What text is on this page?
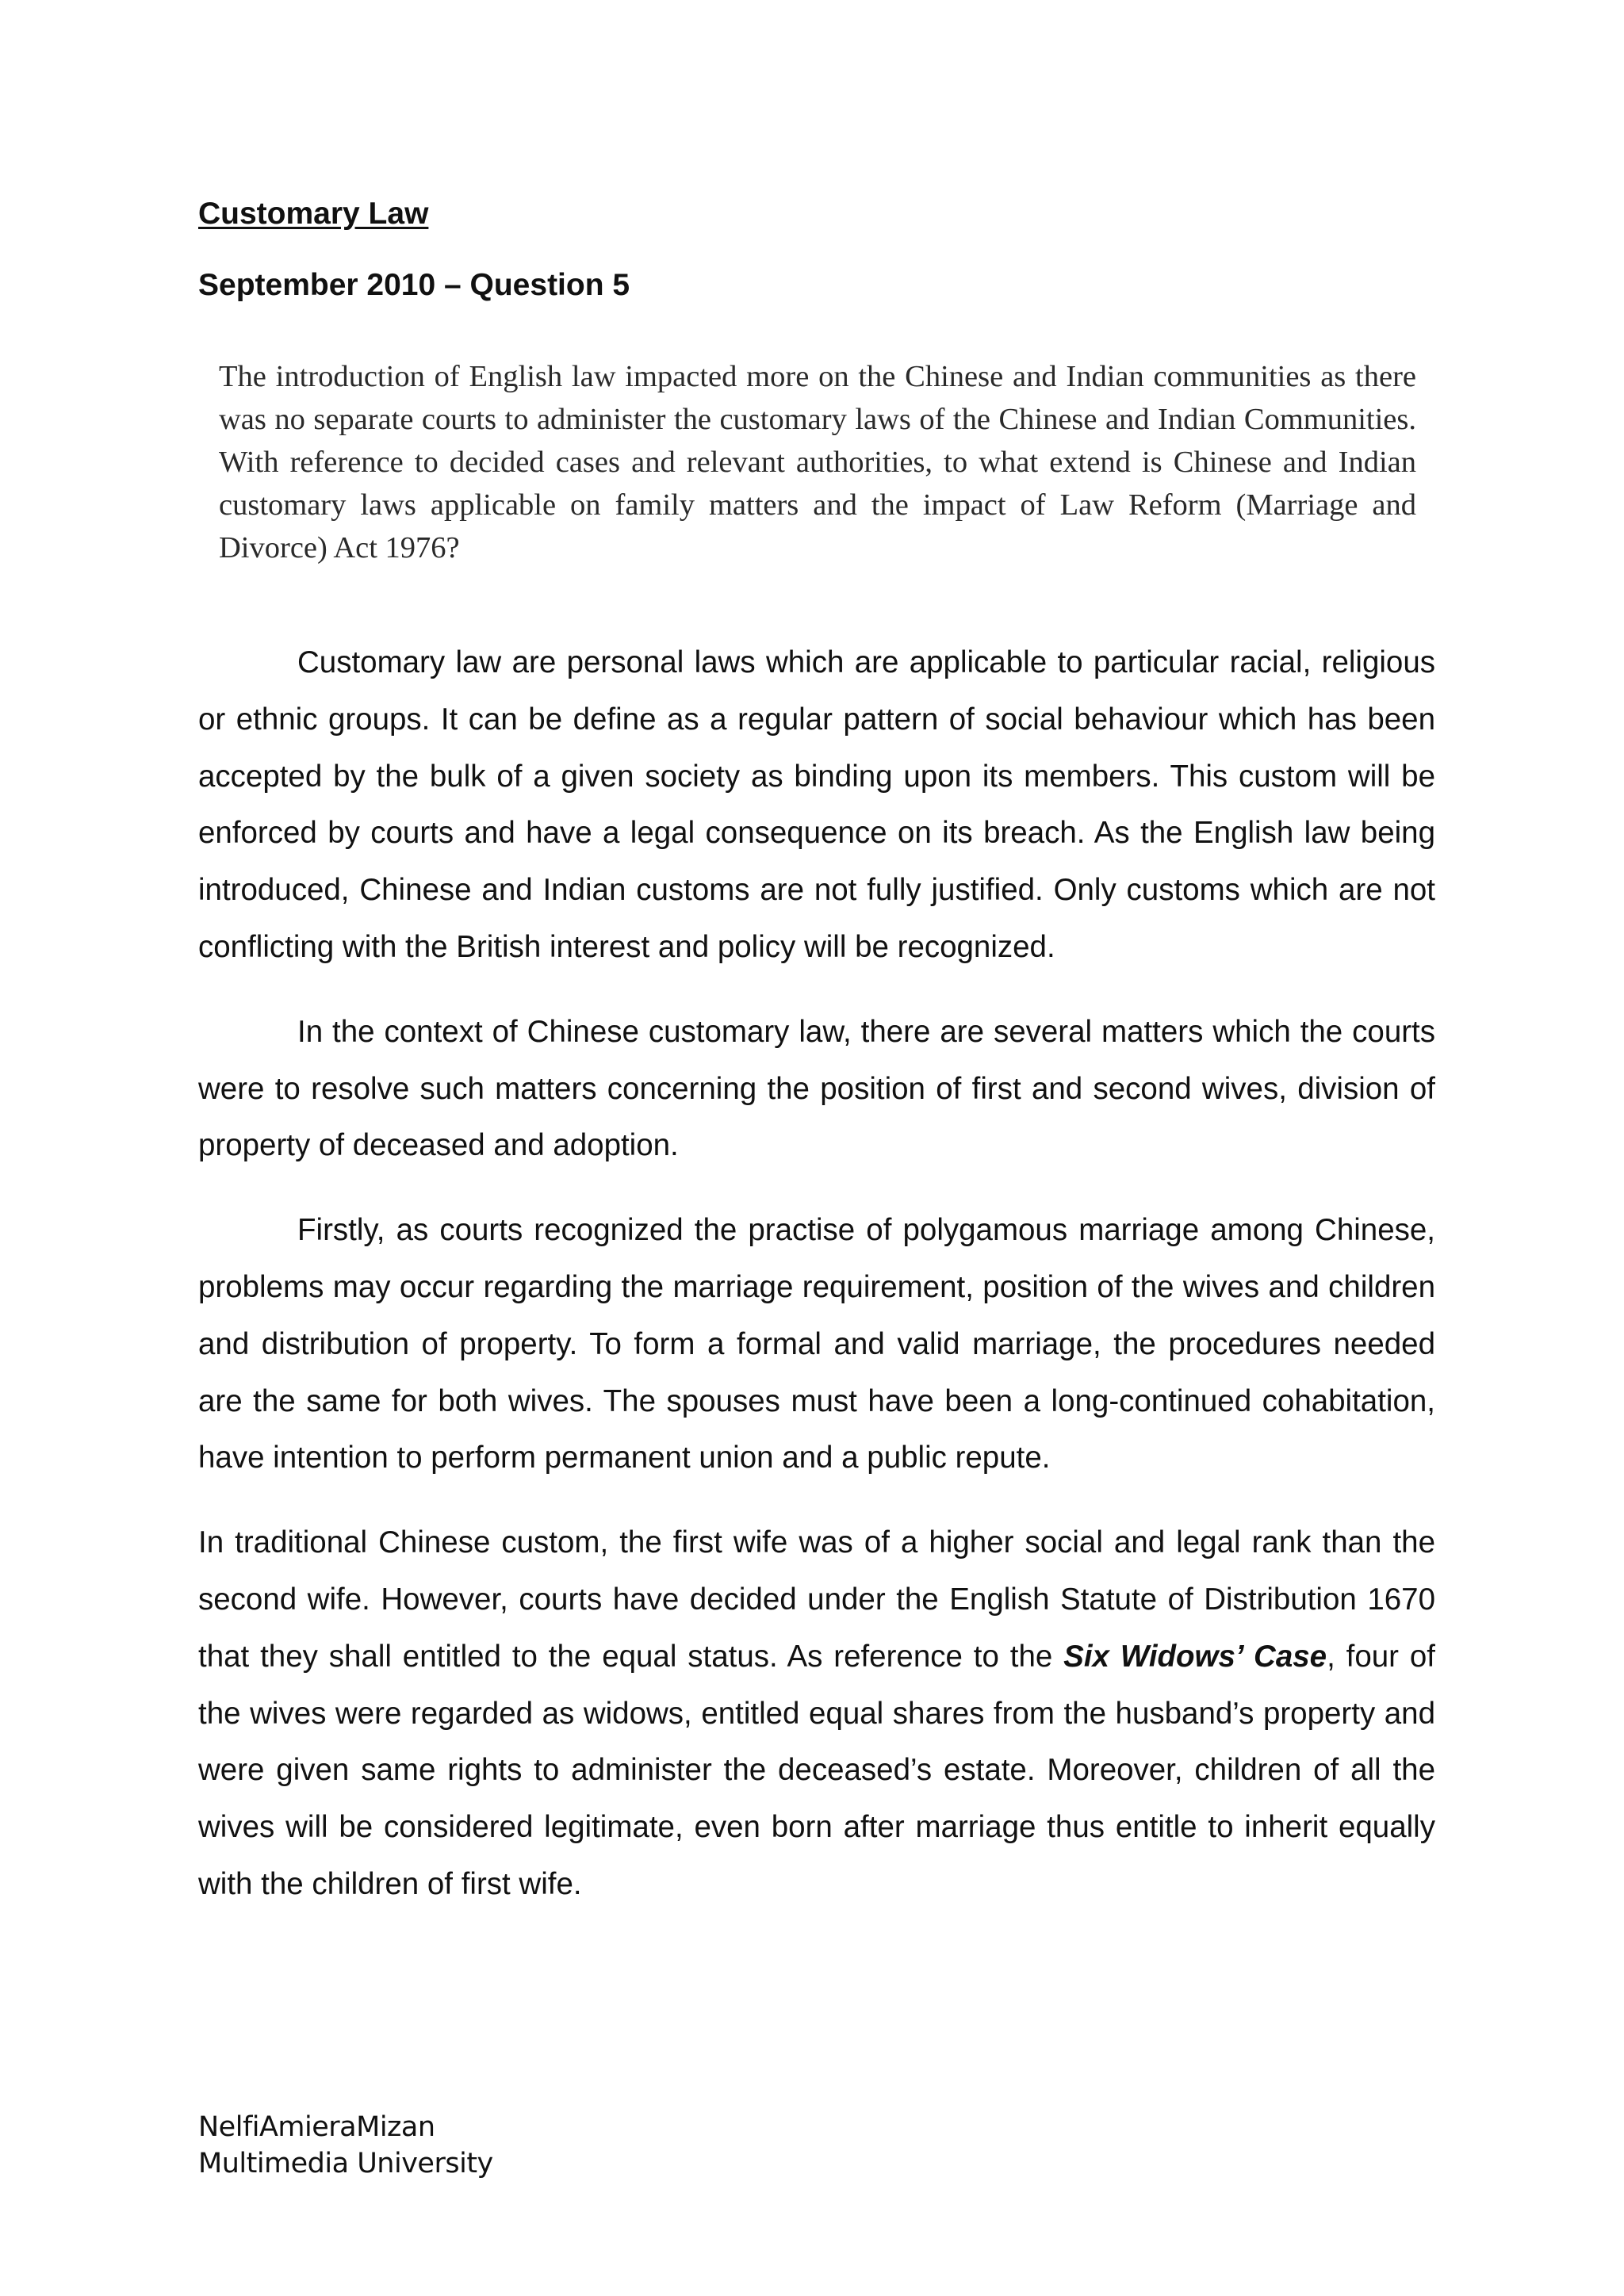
Customary Law
September 2010 – Question 5

The introduction of English law impacted more on the Chinese and Indian communities as there was no separate courts to administer the customary laws of the Chinese and Indian Communities. With reference to decided cases and relevant authorities, to what extend is Chinese and Indian customary laws applicable on family matters and the impact of Law Reform (Marriage and Divorce) Act 1976?

Customary law are personal laws which are applicable to particular racial, religious or ethnic groups. It can be define as a regular pattern of social behaviour which has been accepted by the bulk of a given society as binding upon its members. This custom will be enforced by courts and have a legal consequence on its breach. As the English law being introduced, Chinese and Indian customs are not fully justified. Only customs which are not conflicting with the British interest and policy will be recognized.

In the context of Chinese customary law, there are several matters which the courts were to resolve such matters concerning the position of first and second wives, division of property of deceased and adoption.

Firstly, as courts recognized the practise of polygamous marriage among Chinese, problems may occur regarding the marriage requirement, position of the wives and children and distribution of property. To form a formal and valid marriage, the procedures needed are the same for both wives. The spouses must have been a long-continued cohabitation, have intention to perform permanent union and a public repute.

In traditional Chinese custom, the first wife was of a higher social and legal rank than the second wife. However, courts have decided under the English Statute of Distribution 1670 that they shall entitled to the equal status. As reference to the Six Widows’ Case, four of the wives were regarded as widows, entitled equal shares from the husband’s property and were given same rights to administer the deceased’s estate. Moreover, children of all the wives will be considered legitimate, even born after marriage thus entitle to inherit equally with the children of first wife.

NelfiAmieraMizan
Multimedia University
